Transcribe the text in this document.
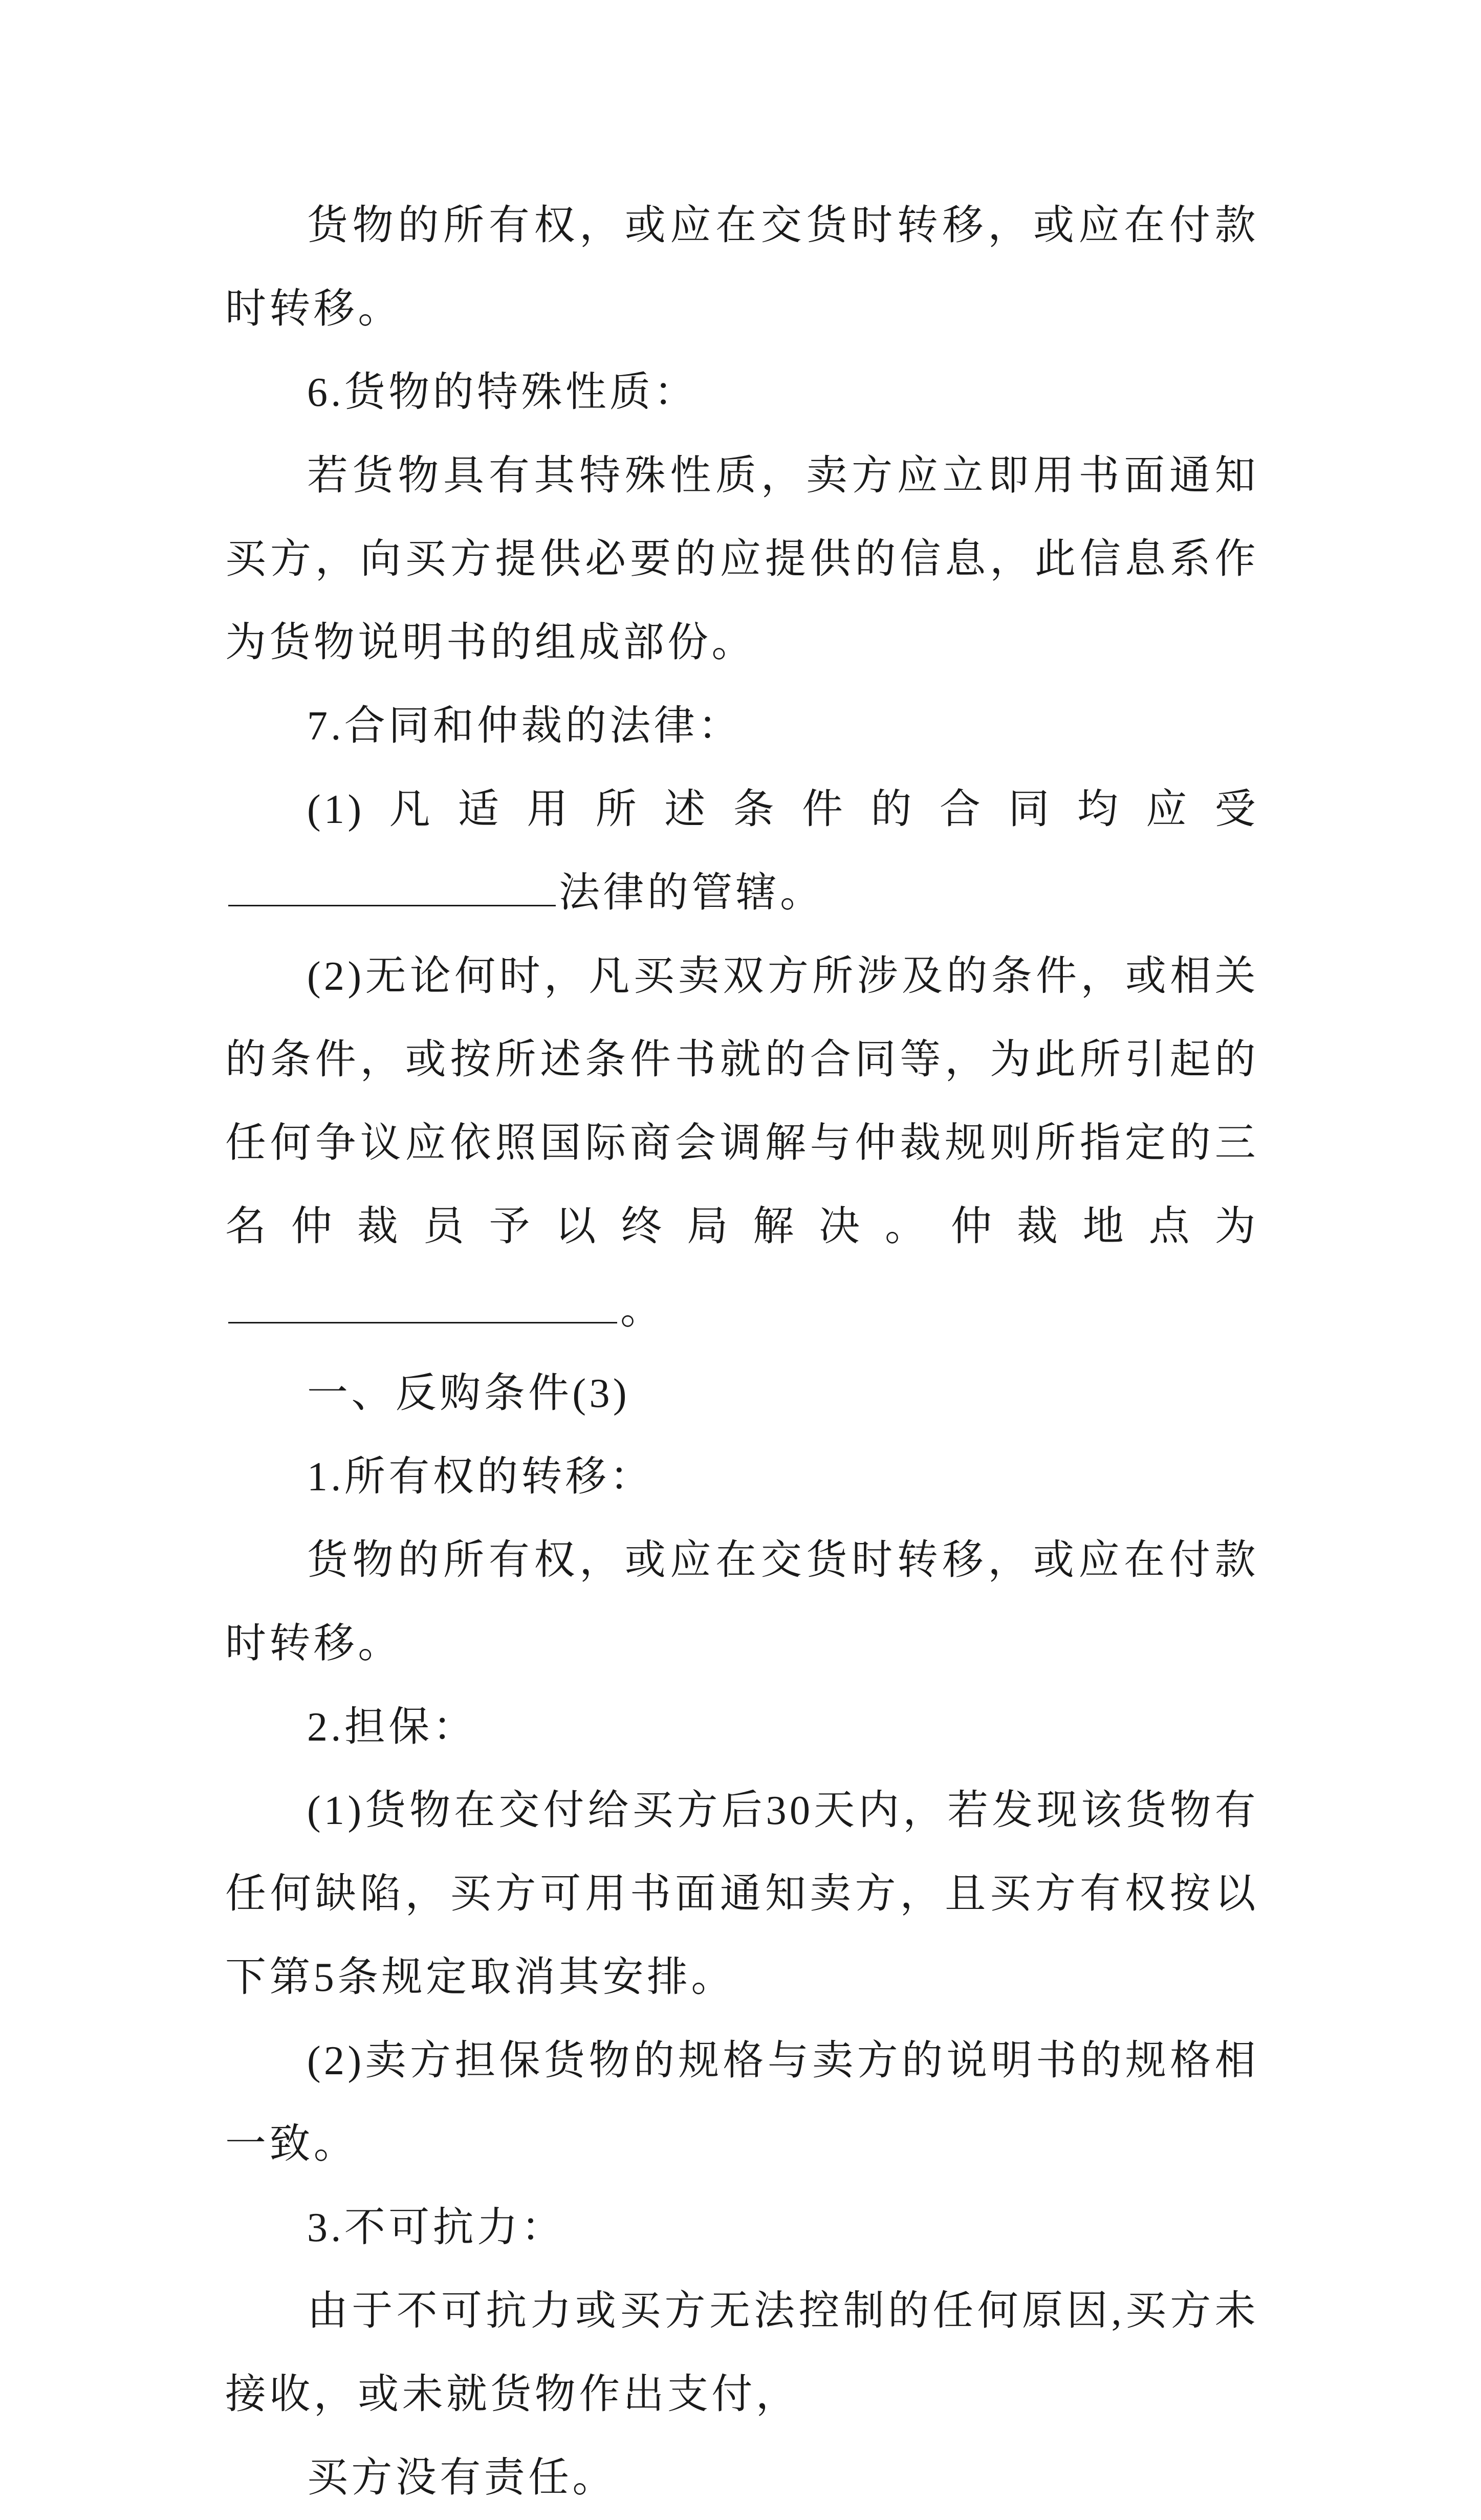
货物的所有权，或应在交货时转移，或应在付款时转移。

6.货物的特殊性质：

若货物具有其特殊性质，卖方应立即用书面通知买方，向买方提供必要的应提供的信息，此信息系作为货物说明书的组成部份。

7.合同和仲裁的法律：

(1)凡适用所述条件的合同均应受法律的管辖。

(2)无论何时，凡买卖双方所涉及的条件，或相关的条件，或按所述条件书就的合同等，为此所引起的任何争议应依照国际商会调解与仲裁规则所指定的三名仲裁员予以终局解决。仲裁地点为。

一、反购条件(3)

1.所有权的转移：

货物的所有权，或应在交货时转移，或应在付款时转移。

2.担保：

(1)货物在交付给买方后30天内，若发现该货物有任何缺陷，买方可用书面通知卖方，且买方有权按以下第5条规定取消其安排。

(2)卖方担保货物的规格与卖方的说明书的规格相一致。

3.不可抗力：

由于不可抗力或买方无法控制的任何原因,买方未接收，或未就货物作出支付，

买方没有责任。
